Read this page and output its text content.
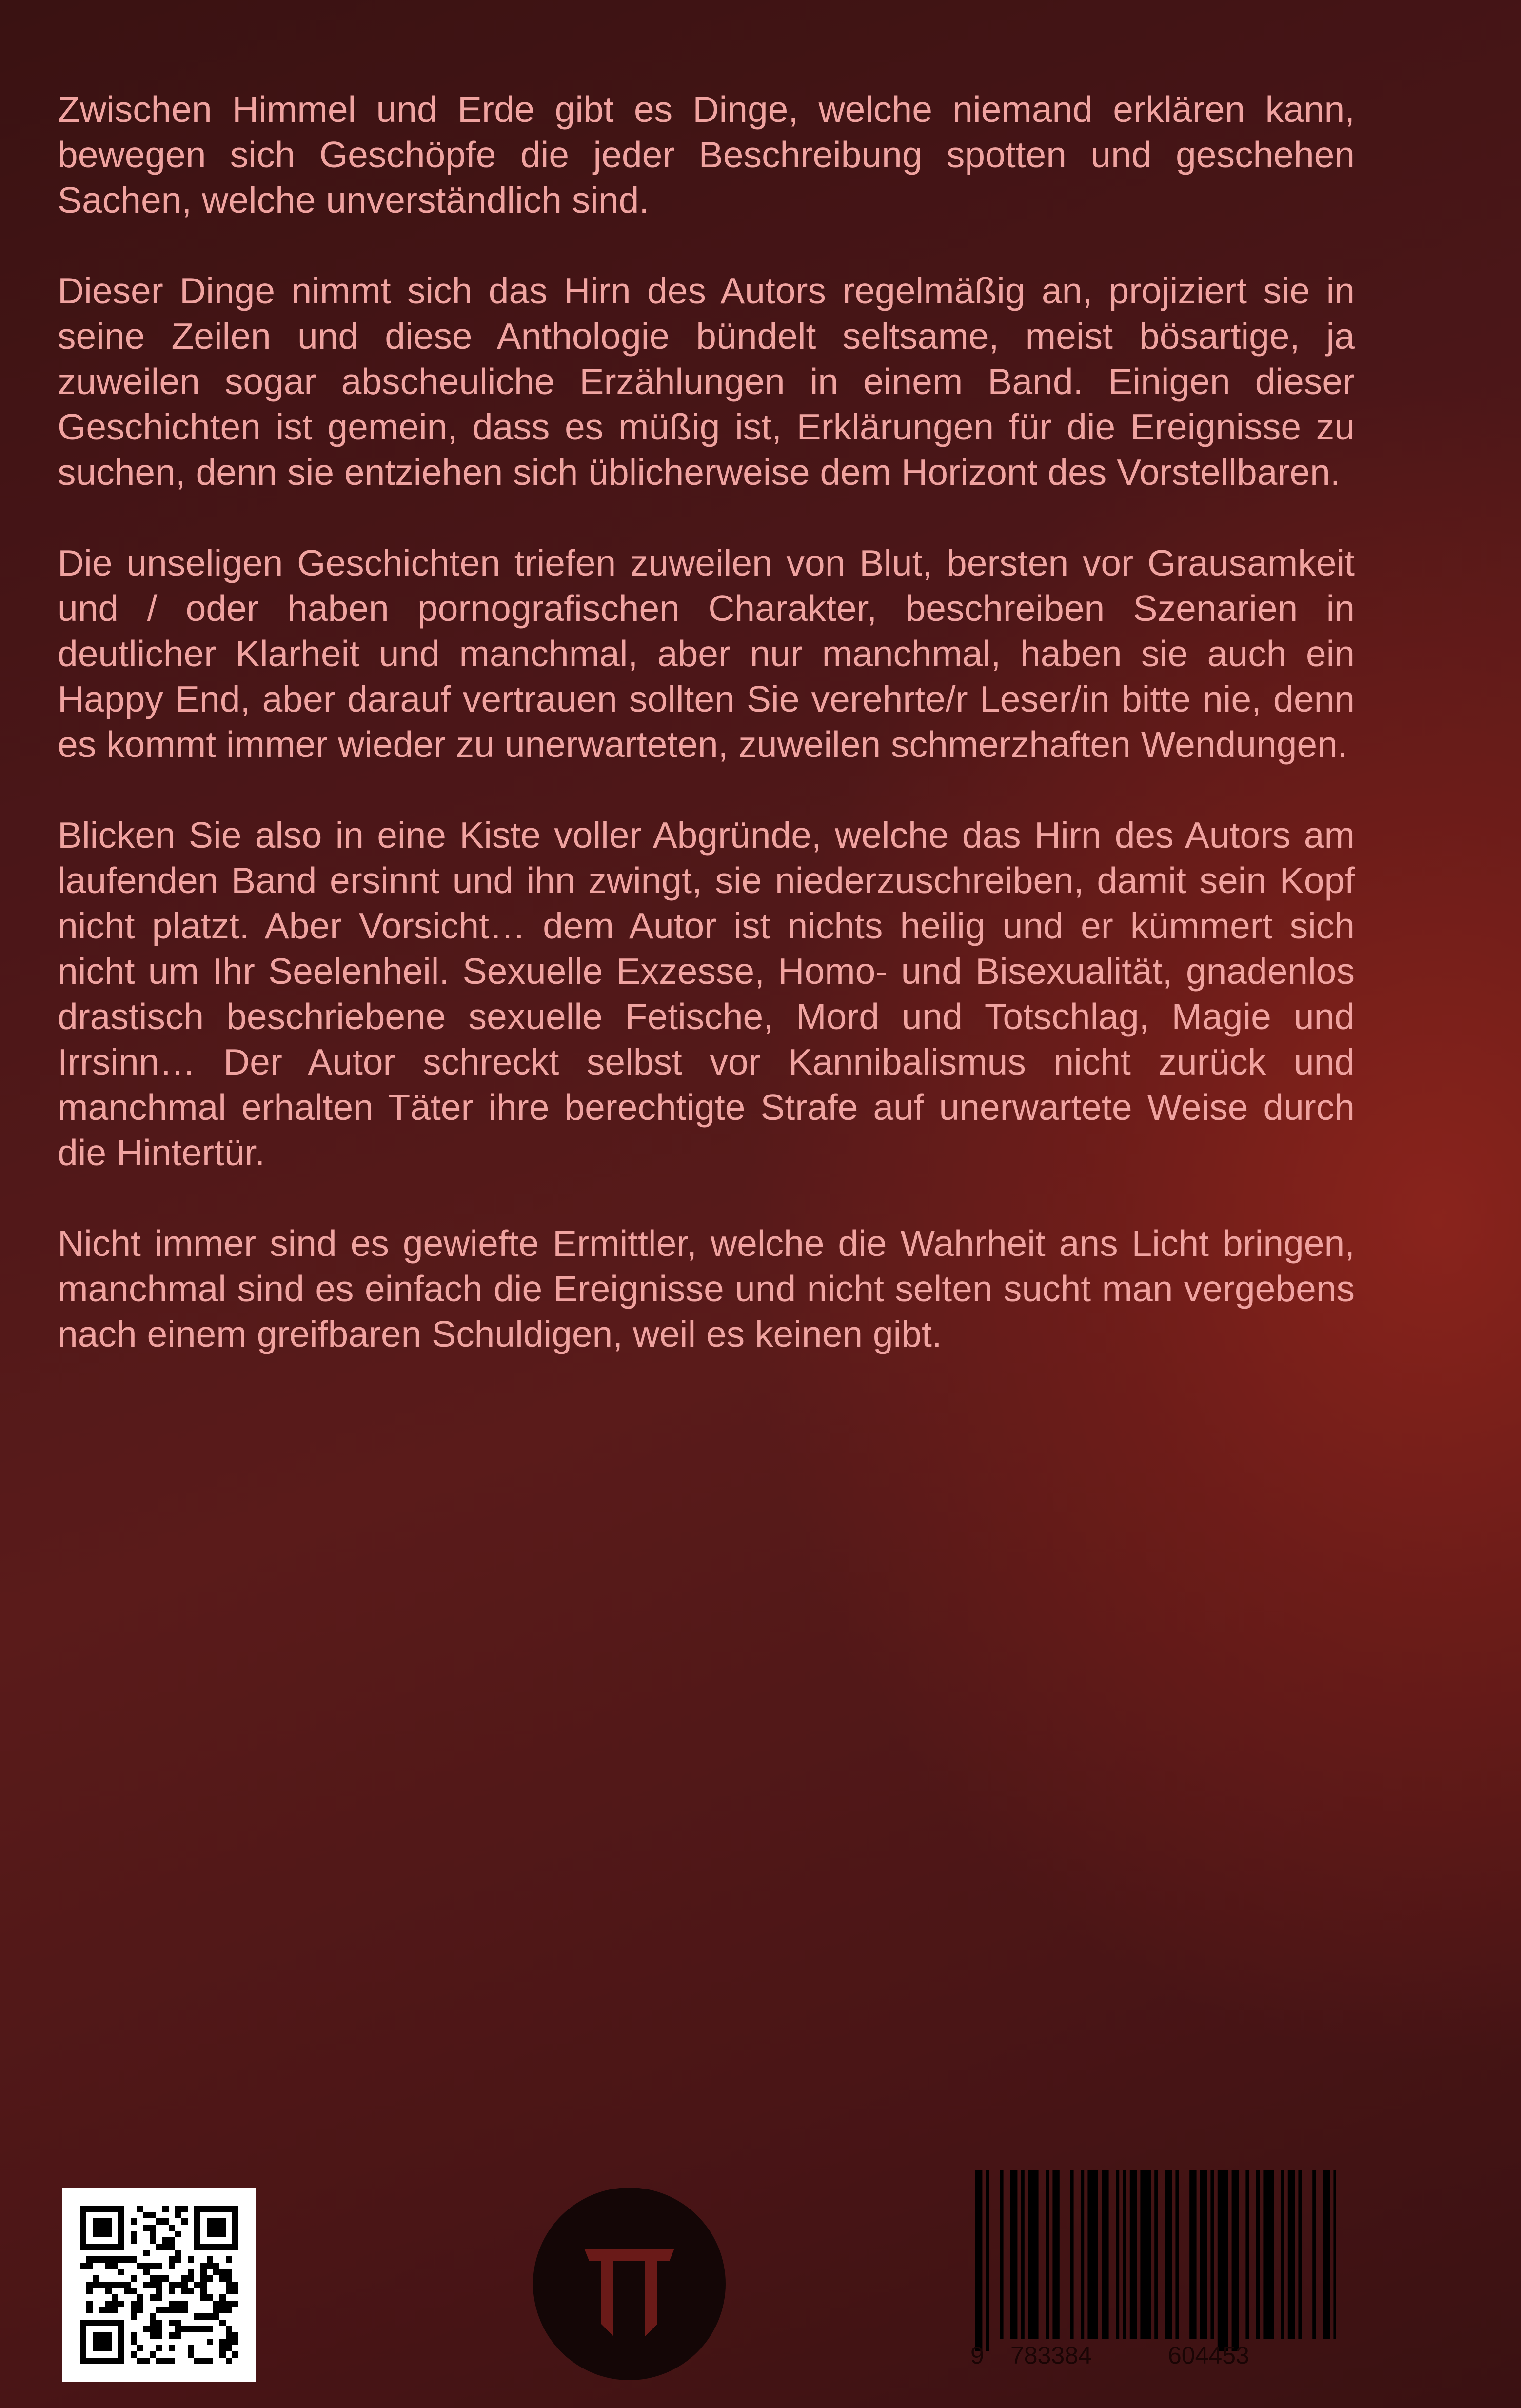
Zwischen Himmel und Erde gibt es Dinge, welche niemand erklären kann, bewegen sich Geschöpfe die jeder Beschreibung spotten und geschehen Sachen, welche unverständlich sind.

Dieser Dinge nimmt sich das Hirn des Autors regelmäßig an, projiziert sie in seine Zeilen und diese Anthologie bündelt seltsame, meist bösartige, ja zuweilen sogar abscheuliche Erzählungen in einem Band. Einigen dieser Geschichten ist gemein, dass es müßig ist, Erklärungen für die Ereignisse zu suchen, denn sie entziehen sich üblicherweise dem Horizont des Vorstellbaren.

Die unseligen Geschichten triefen zuweilen von Blut, bersten vor Grausamkeit und / oder haben pornografischen Charakter, beschreiben Szenarien in deutlicher Klarheit und manchmal, aber nur manchmal, haben sie auch ein Happy End, aber darauf vertrauen sollten Sie verehrte/r Leser/in bitte nie, denn es kommt immer wieder zu unerwarteten, zuweilen schmerzhaften Wendungen.

Blicken Sie also in eine Kiste voller Abgründe, welche das Hirn des Autors am laufenden Band ersinnt und ihn zwingt, sie niederzuschreiben, damit sein Kopf nicht platzt. Aber Vorsicht… dem Autor ist nichts heilig und er kümmert sich nicht um Ihr Seelenheil. Sexuelle Exzesse, Homo- und Bisexualität, gnadenlos drastisch beschriebene sexuelle Fetische, Mord und Totschlag, Magie und Irrsinn… Der Autor schreckt selbst vor Kannibalismus nicht zurück und manchmal erhalten Täter ihre berechtigte Strafe auf unerwartete Weise durch die Hintertür.

Nicht immer sind es gewiefte Ermittler, welche die Wahrheit ans Licht bringen, manchmal sind es einfach die Ereignisse und nicht selten sucht man vergebens nach einem greifbaren Schuldigen, weil es keinen gibt.

9 783384	604453
